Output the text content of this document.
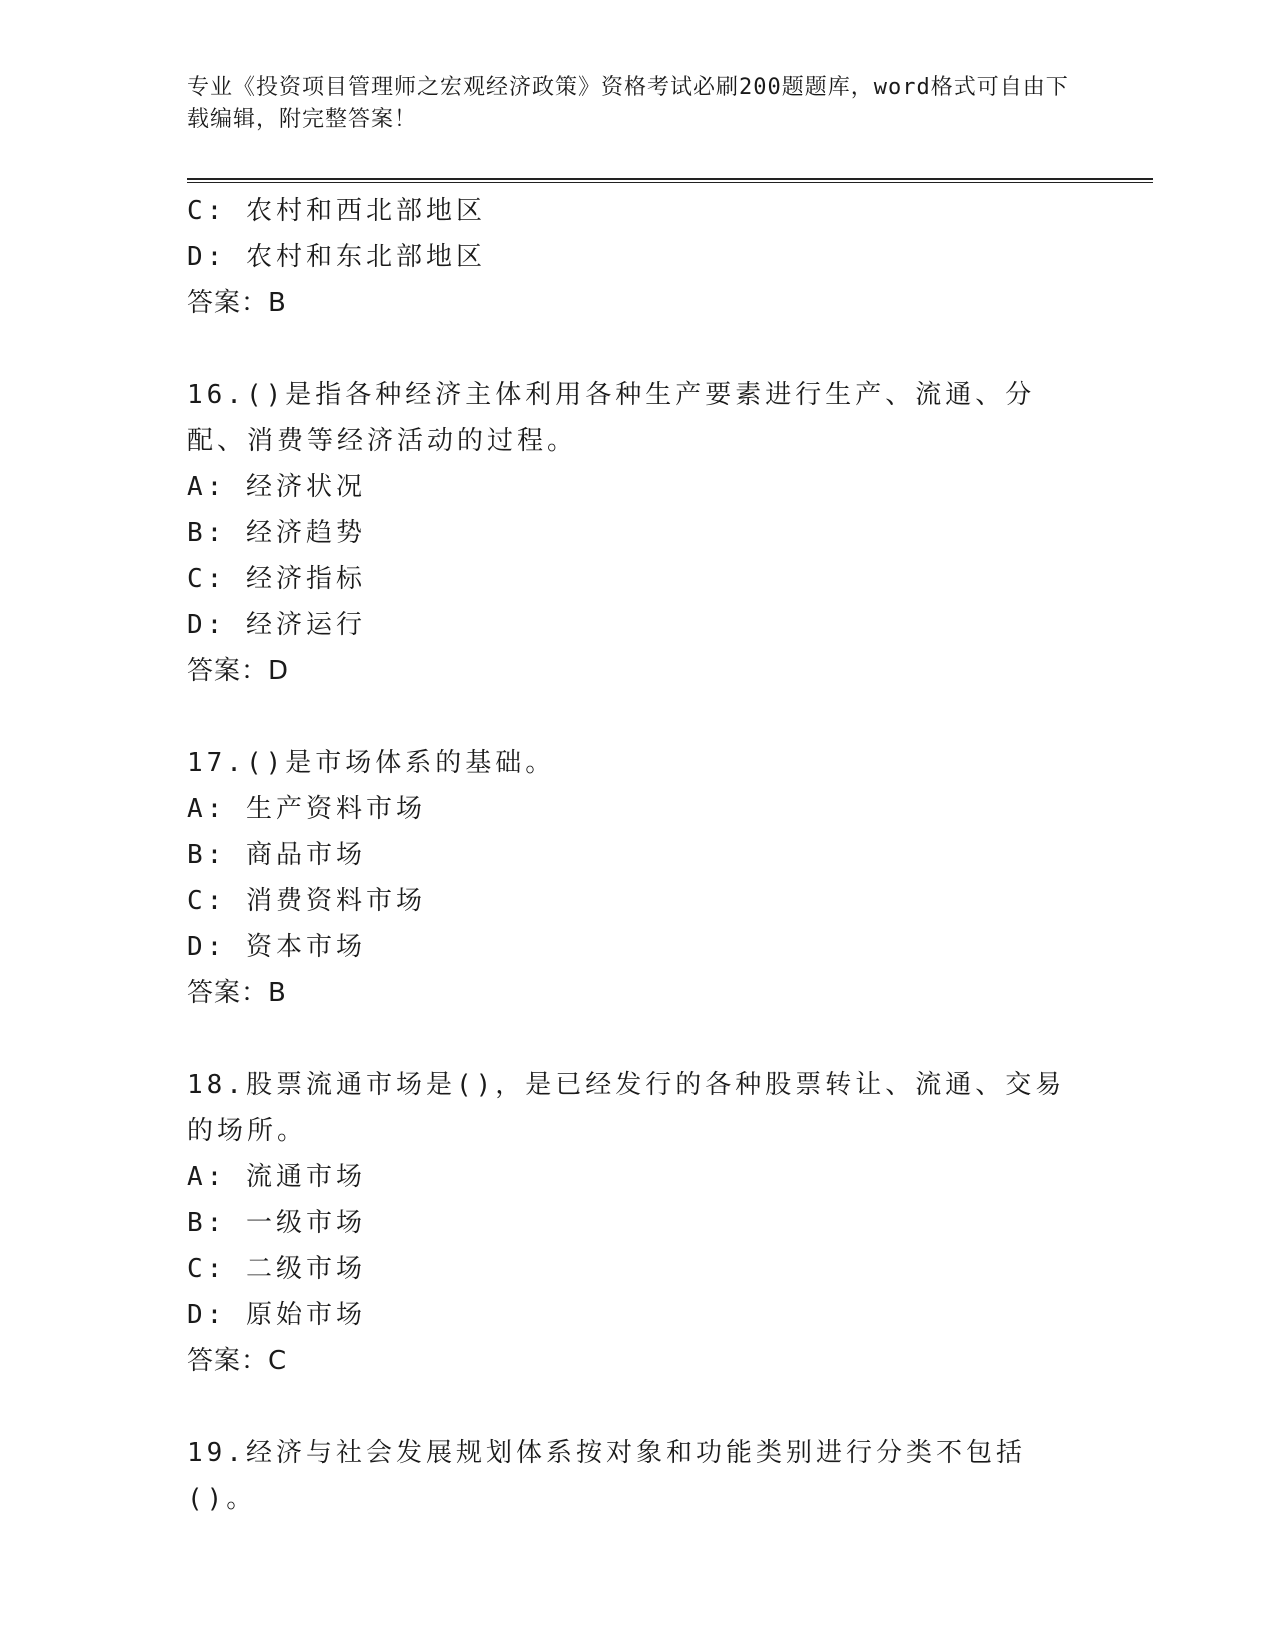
专业《投资项目管理师之宏观经济政策》资格考试必刷200题题库，word格式可自由下载编辑，附完整答案！
C: 农村和西北部地区
D: 农村和东北部地区
答案：B
16.()是指各种经济主体利用各种生产要素进行生产、流通、分配、消费等经济活动的过程。
A: 经济状况
B: 经济趋势
C: 经济指标
D: 经济运行
答案：D
17.()是市场体系的基础。
A: 生产资料市场
B: 商品市场
C: 消费资料市场
D: 资本市场
答案：B
18.股票流通市场是()，是已经发行的各种股票转让、流通、交易的场所。
A: 流通市场
B: 一级市场
C: 二级市场
D: 原始市场
答案：C
19.经济与社会发展规划体系按对象和功能类别进行分类不包括()。
